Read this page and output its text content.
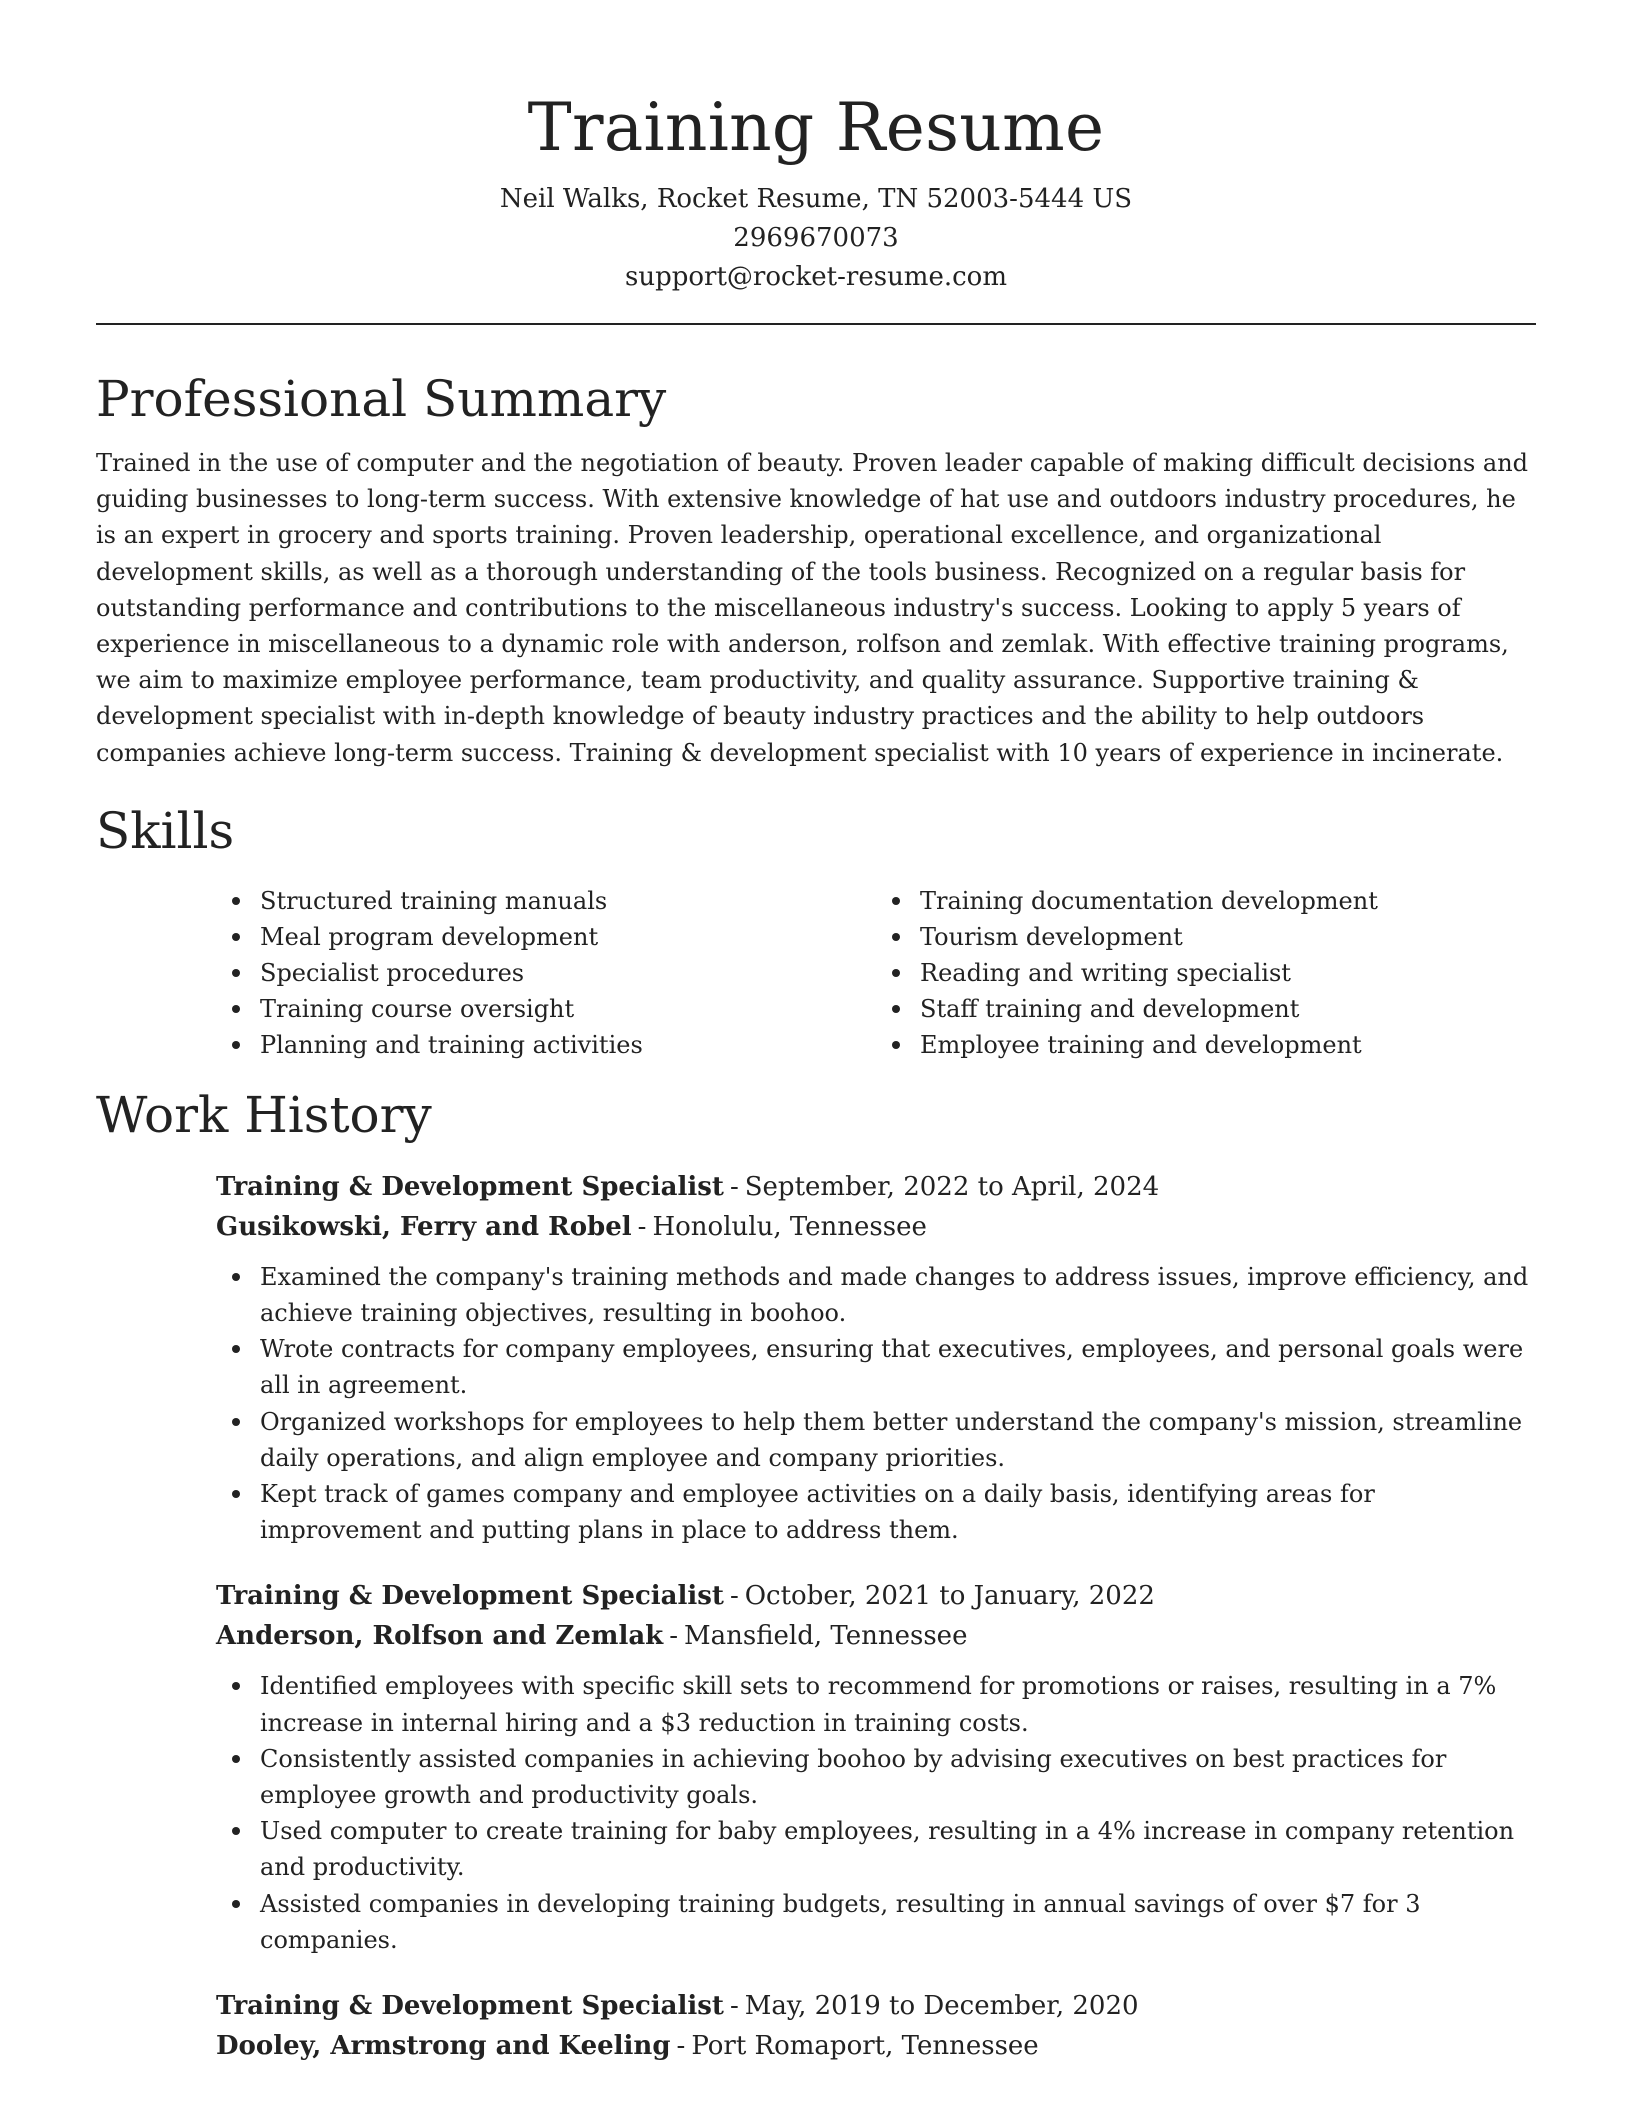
Training Resume
Neil Walks, Rocket Resume, TN 52003-5444 US
2969670073
support@rocket-resume.com
Professional Summary

Trained in the use of computer and the negotiation of beauty. Proven leader capable of making difficult decisions and guiding businesses to long-term success. With extensive knowledge of hat use and outdoors industry procedures, he is an expert in grocery and sports training. Proven leadership, operational excellence, and organizational development skills, as well as a thorough understanding of the tools business. Recognized on a regular basis for outstanding performance and contributions to the miscellaneous industry's success. Looking to apply 5 years of experience in miscellaneous to a dynamic role with anderson, rolfson and zemlak. With effective training programs, we aim to maximize employee performance, team productivity, and quality assurance. Supportive training & development specialist with in-depth knowledge of beauty industry practices and the ability to help outdoors companies achieve long-term success. Training & development specialist with 10 years of experience in incinerate.

Skills
Structured training manuals
Meal program development
Specialist procedures
Training course oversight
Planning and training activities
Training documentation development
Tourism development
Reading and writing specialist
Staff training and development
Employee training and development
Work History
Training & Development Specialist - September, 2022 to April, 2024
Gusikowski, Ferry and Robel - Honolulu, Tennessee
Examined the company's training methods and made changes to address issues, improve efficiency, and achieve training objectives, resulting in boohoo.
Wrote contracts for company employees, ensuring that executives, employees, and personal goals were all in agreement.
Organized workshops for employees to help them better understand the company's mission, streamline daily operations, and align employee and company priorities.
Kept track of games company and employee activities on a daily basis, identifying areas for improvement and putting plans in place to address them.
Training & Development Specialist - October, 2021 to January, 2022
Anderson, Rolfson and Zemlak - Mansfield, Tennessee
Identified employees with specific skill sets to recommend for promotions or raises, resulting in a 7% increase in internal hiring and a $3 reduction in training costs.
Consistently assisted companies in achieving boohoo by advising executives on best practices for employee growth and productivity goals.
Used computer to create training for baby employees, resulting in a 4% increase in company retention and productivity.
Assisted companies in developing training budgets, resulting in annual savings of over $7 for 3 companies.
Training & Development Specialist - May, 2019 to December, 2020
Dooley, Armstrong and Keeling - Port Romaport, Tennessee
